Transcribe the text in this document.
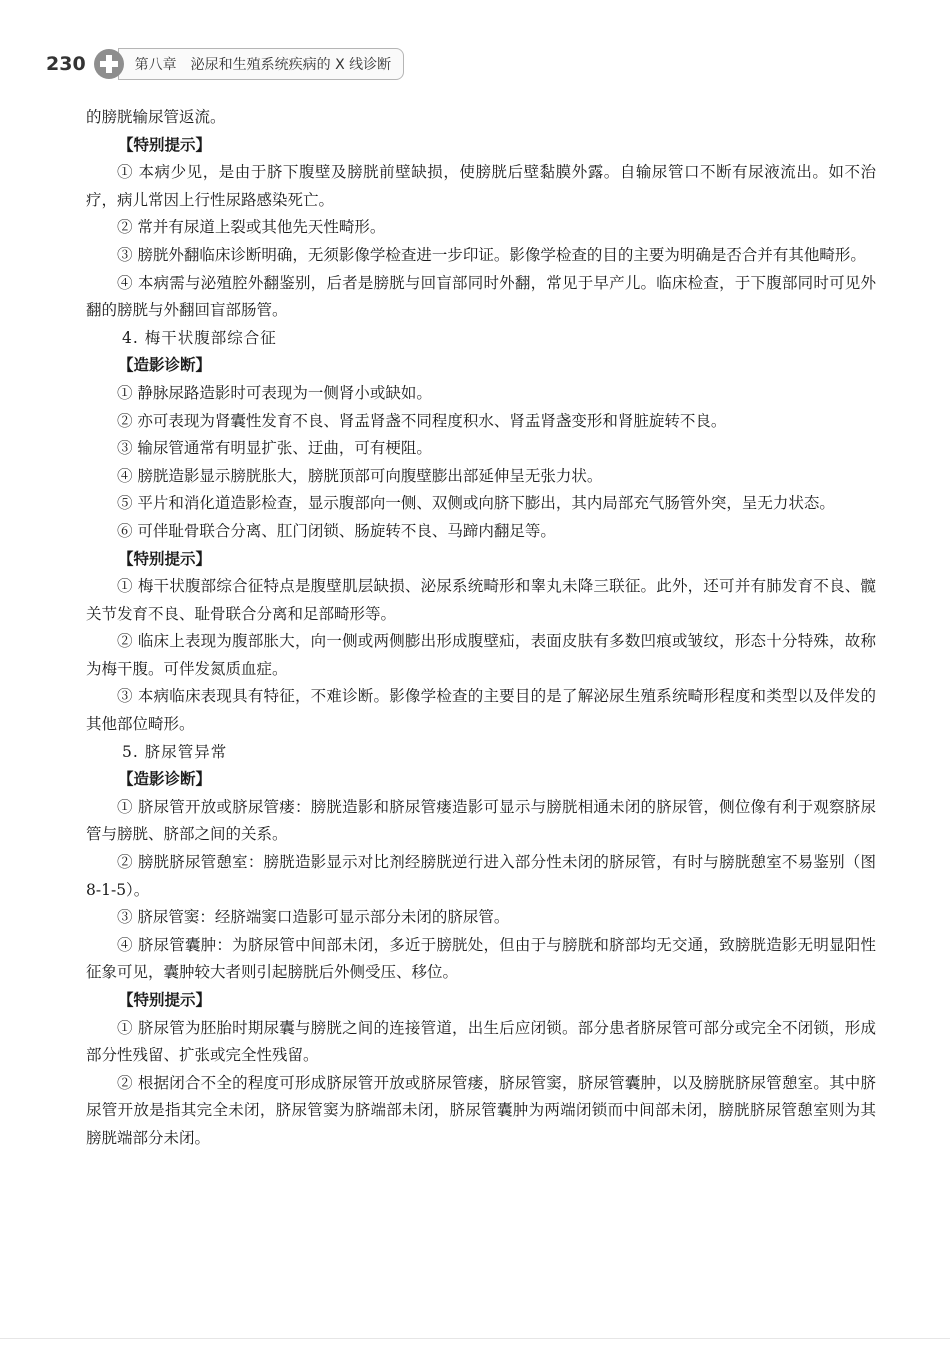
230	第八章　泌尿和生殖系统疾病的 X 线诊断

的膀胱输尿管返流。

【特别提示】

① 本病少见，是由于脐下腹壁及膀胱前壁缺损，使膀胱后壁黏膜外露。自输尿管口不断有尿液流出。如不治疗，病儿常因上行性尿路感染死亡。

② 常并有尿道上裂或其他先天性畸形。

③ 膀胱外翻临床诊断明确，无须影像学检查进一步印证。影像学检查的目的主要为明确是否合并有其他畸形。

④ 本病需与泌殖腔外翻鉴别，后者是膀胱与回盲部同时外翻，常见于早产儿。临床检查，于下腹部同时可见外翻的膀胱与外翻回盲部肠管。

4. 梅干状腹部综合征

【造影诊断】

① 静脉尿路造影时可表现为一侧肾小或缺如。

② 亦可表现为肾囊性发育不良、肾盂肾盏不同程度积水、肾盂肾盏变形和肾脏旋转不良。

③ 输尿管通常有明显扩张、迂曲，可有梗阻。

④ 膀胱造影显示膀胱胀大，膀胱顶部可向腹壁膨出部延伸呈无张力状。

⑤ 平片和消化道造影检查，显示腹部向一侧、双侧或向脐下膨出，其内局部充气肠管外突，呈无力状态。

⑥ 可伴耻骨联合分离、肛门闭锁、肠旋转不良、马蹄内翻足等。

【特别提示】

① 梅干状腹部综合征特点是腹壁肌层缺损、泌尿系统畸形和睾丸未降三联征。此外，还可并有肺发育不良、髋关节发育不良、耻骨联合分离和足部畸形等。

② 临床上表现为腹部胀大，向一侧或两侧膨出形成腹壁疝，表面皮肤有多数凹痕或皱纹，形态十分特殊，故称为梅干腹。可伴发氮质血症。

③ 本病临床表现具有特征，不难诊断。影像学检查的主要目的是了解泌尿生殖系统畸形程度和类型以及伴发的其他部位畸形。

5. 脐尿管异常

【造影诊断】

① 脐尿管开放或脐尿管瘘：膀胱造影和脐尿管瘘造影可显示与膀胱相通未闭的脐尿管，侧位像有利于观察脐尿管与膀胱、脐部之间的关系。

② 膀胱脐尿管憩室：膀胱造影显示对比剂经膀胱逆行进入部分性未闭的脐尿管，有时与膀胱憩室不易鉴别（图 8-1-5）。

③ 脐尿管窦：经脐端窦口造影可显示部分未闭的脐尿管。

④ 脐尿管囊肿：为脐尿管中间部未闭，多近于膀胱处，但由于与膀胱和脐部均无交通，致膀胱造影无明显阳性征象可见，囊肿较大者则引起膀胱后外侧受压、移位。

【特别提示】

① 脐尿管为胚胎时期尿囊与膀胱之间的连接管道，出生后应闭锁。部分患者脐尿管可部分或完全不闭锁，形成部分性残留、扩张或完全性残留。

② 根据闭合不全的程度可形成脐尿管开放或脐尿管瘘，脐尿管窦，脐尿管囊肿，以及膀胱脐尿管憩室。其中脐尿管开放是指其完全未闭，脐尿管窦为脐端部未闭，脐尿管囊肿为两端闭锁而中间部未闭，膀胱脐尿管憩室则为其膀胱端部分未闭。
